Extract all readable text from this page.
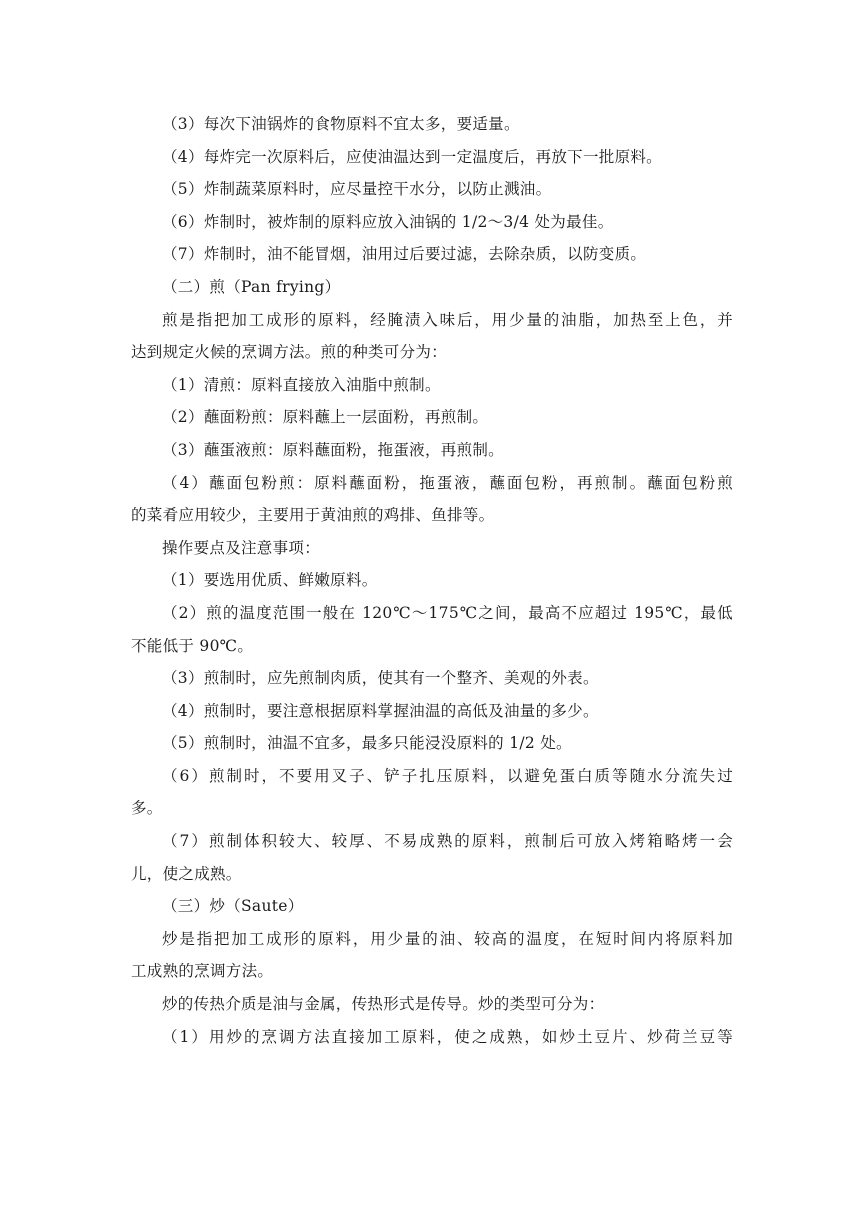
（3）每次下油锅炸的食物原料不宜太多，要适量。
（4）每炸完一次原料后，应使油温达到一定温度后，再放下一批原料。
（5）炸制蔬菜原料时，应尽量控干水分，以防止溅油。
（6）炸制时，被炸制的原料应放入油锅的 1/2～3/4 处为最佳。
（7）炸制时，油不能冒烟，油用过后要过滤，去除杂质，以防变质。
（二）煎（Pan frying）
煎是指把加工成形的原料，经腌渍入味后，用少量的油脂，加热至上色，并
达到规定火候的烹调方法。煎的种类可分为：
（1）清煎：原料直接放入油脂中煎制。
（2）蘸面粉煎：原料蘸上一层面粉，再煎制。
（3）蘸蛋液煎：原料蘸面粉，拖蛋液，再煎制。
（4）蘸面包粉煎：原料蘸面粉，拖蛋液，蘸面包粉，再煎制。蘸面包粉煎
的菜肴应用较少，主要用于黄油煎的鸡排、鱼排等。
操作要点及注意事项：
（1）要选用优质、鲜嫩原料。
（2）煎的温度范围一般在 120℃～175℃之间，最高不应超过 195℃，最低
不能低于 90℃。
（3）煎制时，应先煎制肉质，使其有一个整齐、美观的外表。
（4）煎制时，要注意根据原料掌握油温的高低及油量的多少。
（5）煎制时，油温不宜多，最多只能浸没原料的 1/2 处。
（6）煎制时，不要用叉子、铲子扎压原料，以避免蛋白质等随水分流失过
多。
（7）煎制体积较大、较厚、不易成熟的原料，煎制后可放入烤箱略烤一会
儿，使之成熟。
（三）炒（Saute）
炒是指把加工成形的原料，用少量的油、较高的温度，在短时间内将原料加
工成熟的烹调方法。
炒的传热介质是油与金属，传热形式是传导。炒的类型可分为：
（1）用炒的烹调方法直接加工原料，使之成熟，如炒土豆片、炒荷兰豆等
